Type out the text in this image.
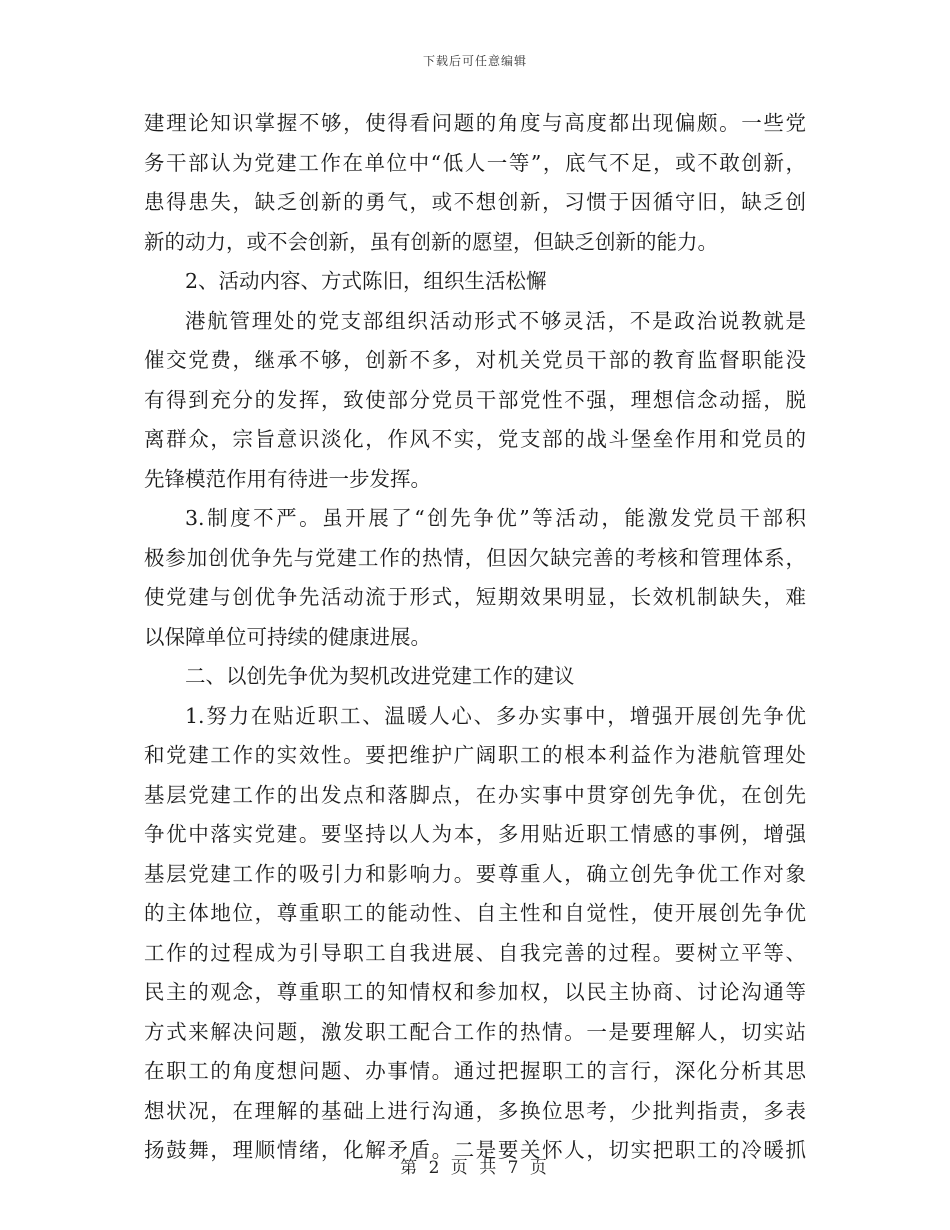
下载后可任意编辑
建理论知识掌握不够，使得看问题的角度与高度都出现偏颇。一些党
务干部认为党建工作在单位中“低人一等”，底气不足，或不敢创新，
患得患失，缺乏创新的勇气，或不想创新，习惯于因循守旧，缺乏创
新的动力，或不会创新，虽有创新的愿望，但缺乏创新的能力。
2、活动内容、方式陈旧，组织生活松懈
港航管理处的党支部组织活动形式不够灵活，不是政治说教就是
催交党费，继承不够，创新不多，对机关党员干部的教育监督职能没
有得到充分的发挥，致使部分党员干部党性不强，理想信念动摇，脱
离群众，宗旨意识淡化，作风不实，党支部的战斗堡垒作用和党员的
先锋模范作用有待进一步发挥。
3.制度不严。虽开展了“创先争优”等活动，能激发党员干部积
极参加创优争先与党建工作的热情，但因欠缺完善的考核和管理体系，
使党建与创优争先活动流于形式，短期效果明显，长效机制缺失，难
以保障单位可持续的健康进展。
二、以创先争优为契机改进党建工作的建议
1.努力在贴近职工、温暖人心、多办实事中，增强开展创先争优
和党建工作的实效性。要把维护广阔职工的根本利益作为港航管理处
基层党建工作的出发点和落脚点，在办实事中贯穿创先争优，在创先
争优中落实党建。要坚持以人为本，多用贴近职工情感的事例，增强
基层党建工作的吸引力和影响力。要尊重人，确立创先争优工作对象
的主体地位，尊重职工的能动性、自主性和自觉性，使开展创先争优
工作的过程成为引导职工自我进展、自我完善的过程。要树立平等、
民主的观念，尊重职工的知情权和参加权，以民主协商、讨论沟通等
方式来解决问题，激发职工配合工作的热情。一是要理解人，切实站
在职工的角度想问题、办事情。通过把握职工的言行，深化分析其思
想状况，在理解的基础上进行沟通，多换位思考，少批判指责，多表
扬鼓舞，理顺情绪，化解矛盾。二是要关怀人，切实把职工的冷暖抓
第 2 页 共 7 页
